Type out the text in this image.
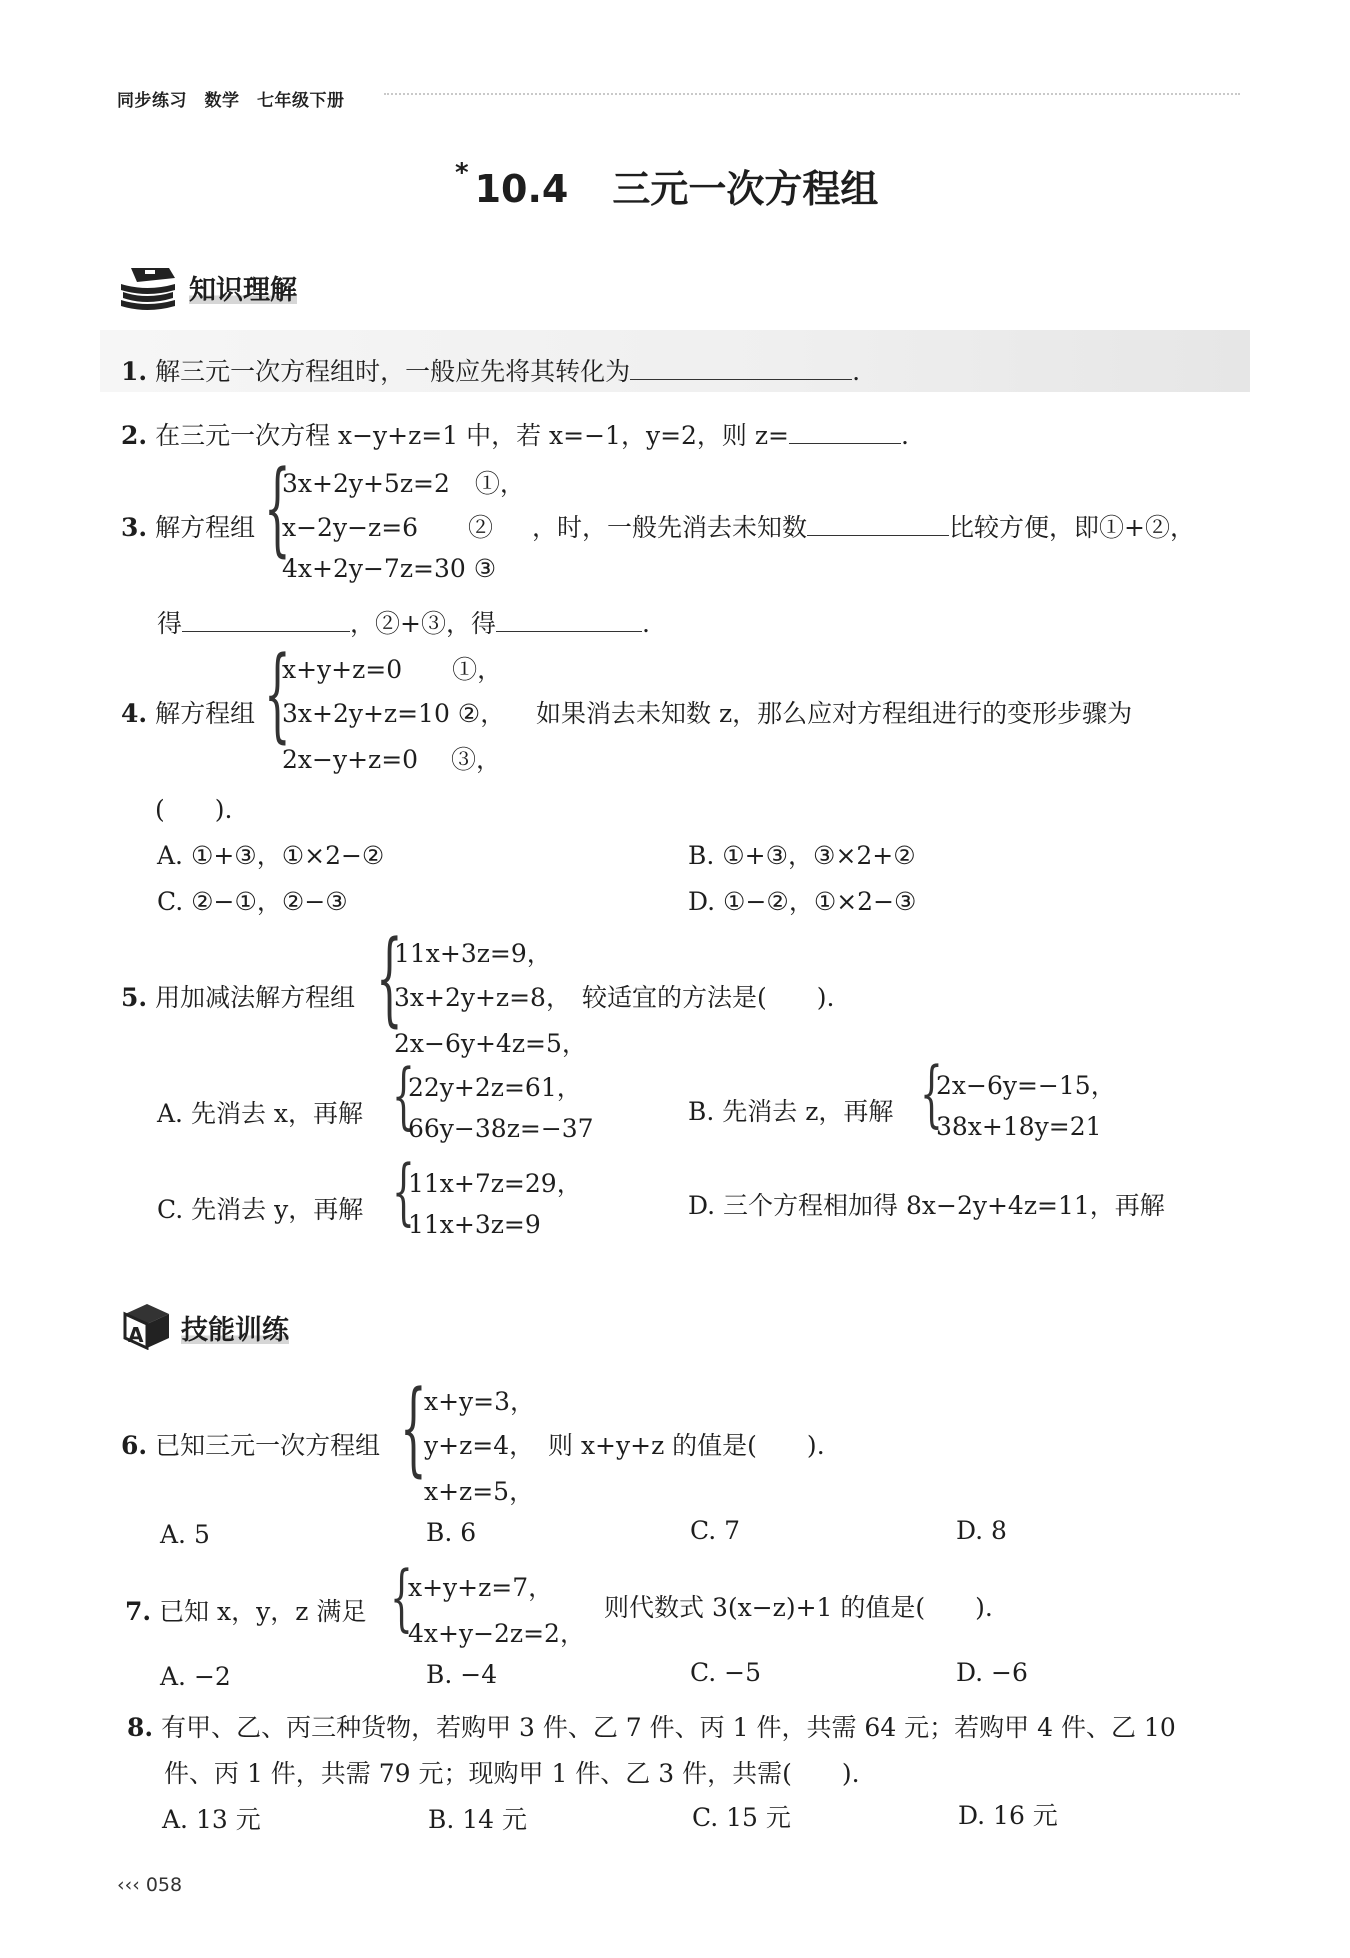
同步练习　数学　七年级下册
* 10.4 三元一次方程组
知识理解
1. 解三元一次方程组时，一般应先将其转化为	.
2. 在三元一次方程 x−y+z=1 中，若 x=−1，y=2，则 z=	.
3. 解方程组 {
3x+2y+5z=2　①，
x−2y−z=6　　②
4x+2y−7z=30 ③
，时，一般先消去未知数	比较方便，即①+②，
得	，②+③，得	.
4. 解方程组 {
x+y+z=0　　①，
3x+2y+z=10 ②，
2x−y+z=0　 ③，
如果消去未知数 z，那么应对方程组进行的变形步骤为
(　　).
A. ①+③，①×2−②	B. ①+③，③×2+②
C. ②−①，②−③	D. ①−②，①×2−③
5. 用加减法解方程组 {
11x+3z=9，
3x+2y+z=8，
2x−6y+4z=5，
较适宜的方法是(　　).
A. 先消去 x，再解 {
22y+2z=61，
66y−38z=−37
B. 先消去 z，再解 {
2x−6y=−15，
38x+18y=21
C. 先消去 y，再解 {
11x+7z=29，
11x+3z=9
D. 三个方程相加得 8x−2y+4z=11，再解
A 技能训练
6. 已知三元一次方程组 {
x+y=3，
y+z=4，
x+z=5，
则 x+y+z 的值是(　　).
A. 5	B. 6	C. 7	D. 8
7. 已知 x，y，z 满足 {
x+y+z=7，
4x+y−2z=2，
则代数式 3(x−z)+1 的值是(　　).
A. −2	B. −4	C. −5	D. −6
8. 有甲、乙、丙三种货物，若购甲 3 件、乙 7 件、丙 1 件，共需 64 元；若购甲 4 件、乙 10
件、丙 1 件，共需 79 元；现购甲 1 件、乙 3 件，共需(　　).
A. 13 元	B. 14 元	C. 15 元	D. 16 元
‹‹‹ 058
